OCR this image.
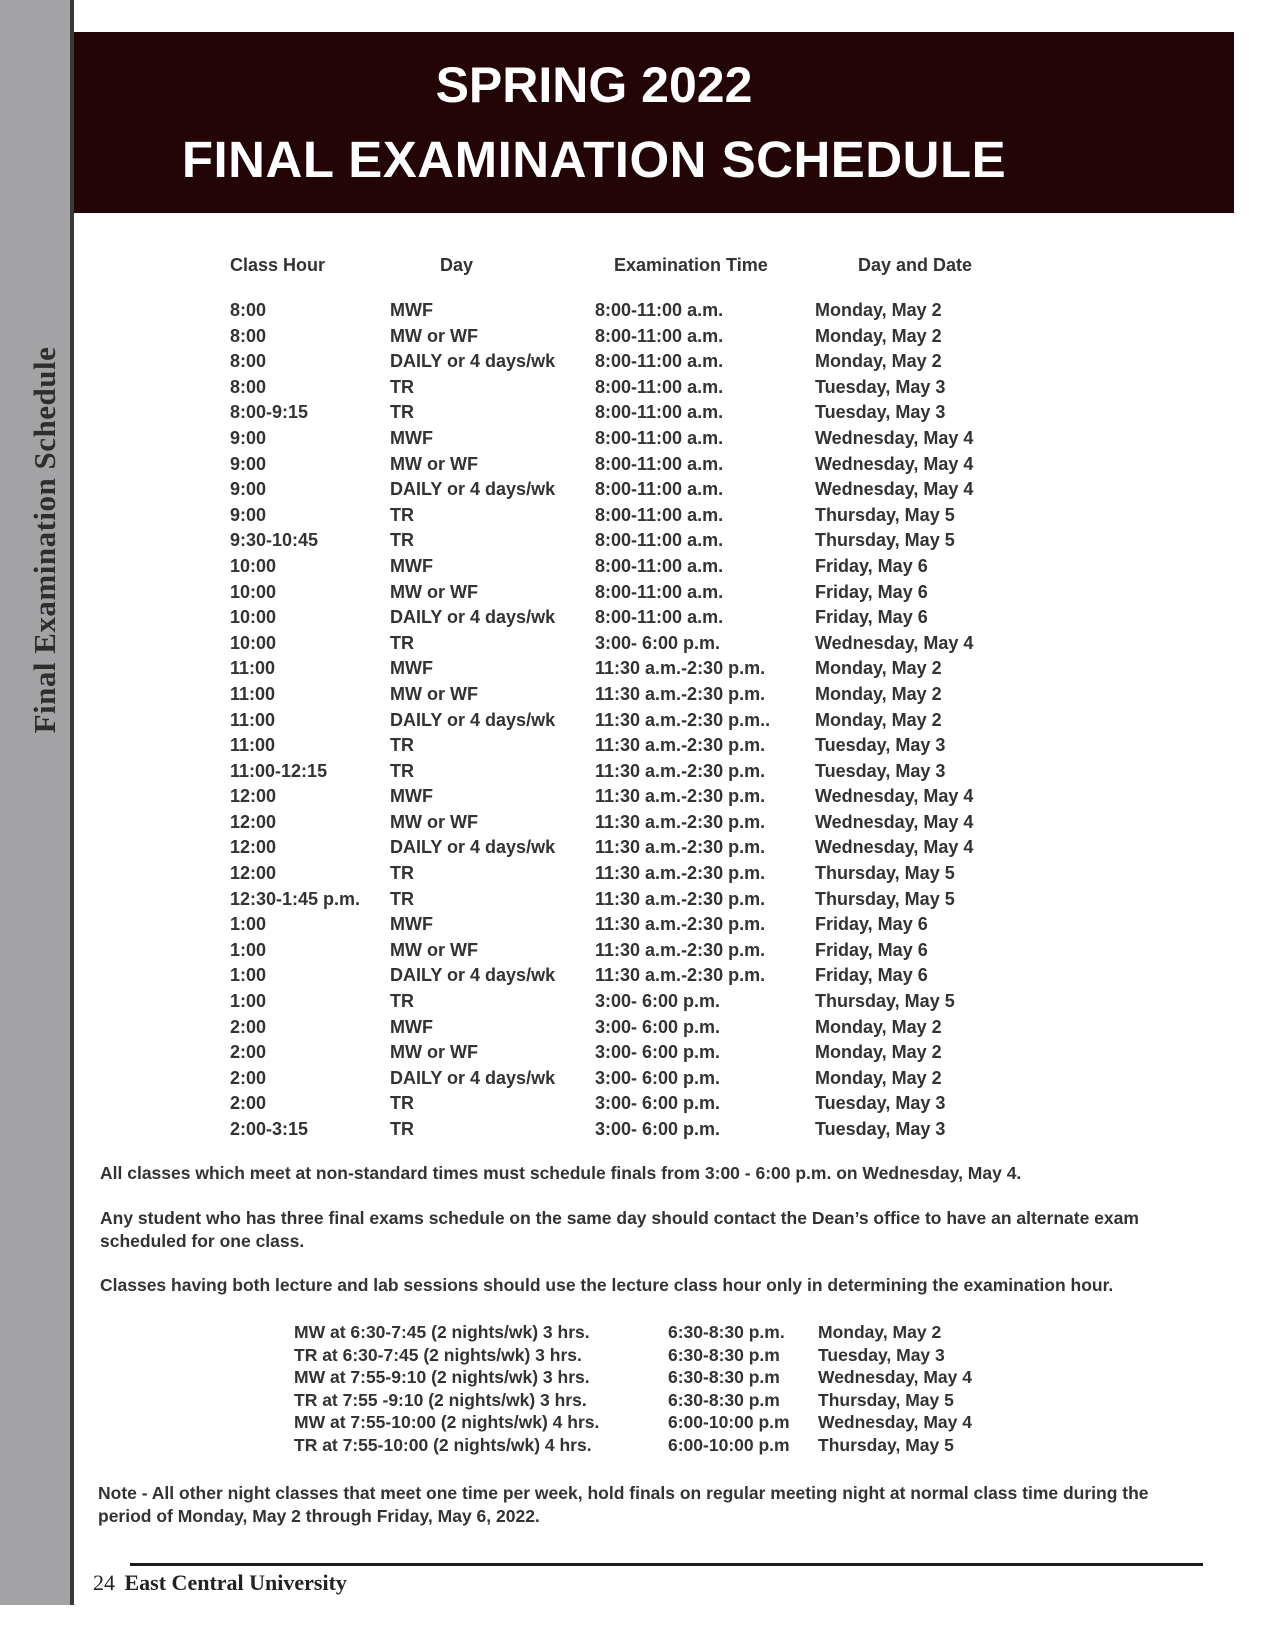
Final Examination Schedule
SPRING 2022
FINAL EXAMINATION SCHEDULE
Class Hour	Day	Examination Time	Day and Date
8:00	MWF	8:00-11:00 a.m.	Monday, May 2
8:00	MW or WF	8:00-11:00 a.m.	Monday, May 2
8:00	DAILY or 4 days/wk 8:00-11:00 a.m.	Monday, May 2
8:00	TR	8:00-11:00 a.m.	Tuesday, May 3
8:00-9:15	TR	8:00-11:00 a.m.	Tuesday, May 3
9:00	MWF	8:00-11:00 a.m.	Wednesday, May 4
9:00	MW or WF	8:00-11:00 a.m.	Wednesday, May 4
9:00	DAILY or 4 days/wk 8:00-11:00 a.m.	Wednesday, May 4
9:00	TR	8:00-11:00 a.m.	Thursday, May 5
9:30-10:45	TR	8:00-11:00 a.m.	Thursday, May 5
10:00	MWF	8:00-11:00 a.m.	Friday, May 6
10:00	MW or WF	8:00-11:00 a.m.	Friday, May 6
10:00	DAILY or 4 days/wk 8:00-11:00 a.m.	Friday, May 6
10:00	TR	3:00- 6:00 p.m.	Wednesday, May 4
11:00	MWF	11:30 a.m.-2:30 p.m.	Monday, May 2
11:00	MW or WF	11:30 a.m.-2:30 p.m.	Monday, May 2
11:00	DAILY or 4 days/wk 11:30 a.m.-2:30 p.m.. Monday, May 2
11:00	TR	11:30 a.m.-2:30 p.m.	Tuesday, May 3
11:00-12:15	TR	11:30 a.m.-2:30 p.m.	Tuesday, May 3
12:00	MWF	11:30 a.m.-2:30 p.m.	Wednesday, May 4
12:00	MW or WF	11:30 a.m.-2:30 p.m.	Wednesday, May 4
12:00	DAILY or 4 days/wk 11:30 a.m.-2:30 p.m.	Wednesday, May 4
12:00	TR	11:30 a.m.-2:30 p.m.	Thursday, May 5
12:30-1:45 p.m. TR	11:30 a.m.-2:30 p.m.	Thursday, May 5
1:00	MWF	11:30 a.m.-2:30 p.m.	Friday, May 6
1:00	MW or WF	11:30 a.m.-2:30 p.m.	Friday, May 6
1:00	DAILY or 4 days/wk 11:30 a.m.-2:30 p.m.	Friday, May 6
1:00	TR	3:00- 6:00 p.m.	Thursday, May 5
2:00	MWF	3:00- 6:00 p.m.	Monday, May 2
2:00	MW or WF	3:00- 6:00 p.m.	Monday, May 2
2:00	DAILY or 4 days/wk 3:00- 6:00 p.m.	Monday, May 2
2:00	TR	3:00- 6:00 p.m.	Tuesday, May 3
2:00-3:15	TR	3:00- 6:00 p.m.	Tuesday, May 3
All classes which meet at non-standard times must schedule finals from 3:00 - 6:00 p.m. on Wednesday, May 4.
Any student who has three final exams schedule on the same day should contact the Dean’s office to have an alternate exam scheduled for one class.
Classes having both lecture and lab sessions should use the lecture class hour only in determining the examination hour.
MW at 6:30-7:45 (2 nights/wk) 3 hrs.	6:30-8:30 p.m. Monday, May 2
TR at 6:30-7:45 (2 nights/wk) 3 hrs.	6:30-8:30 p.m Tuesday, May 3
MW at 7:55-9:10 (2 nights/wk) 3 hrs.	6:30-8:30 p.m Wednesday, May 4
TR at 7:55 -9:10 (2 nights/wk) 3 hrs.	6:30-8:30 p.m Thursday, May 5
MW at 7:55-10:00 (2 nights/wk) 4 hrs.	6:00-10:00 p.m Wednesday, May 4
TR at 7:55-10:00 (2 nights/wk) 4 hrs.	6:00-10:00 p.m Thursday, May 5
Note - All other night classes that meet one time per week, hold finals on regular meeting night at normal class time during the period of Monday, May 2 through Friday, May 6, 2022.
24 East Central University
